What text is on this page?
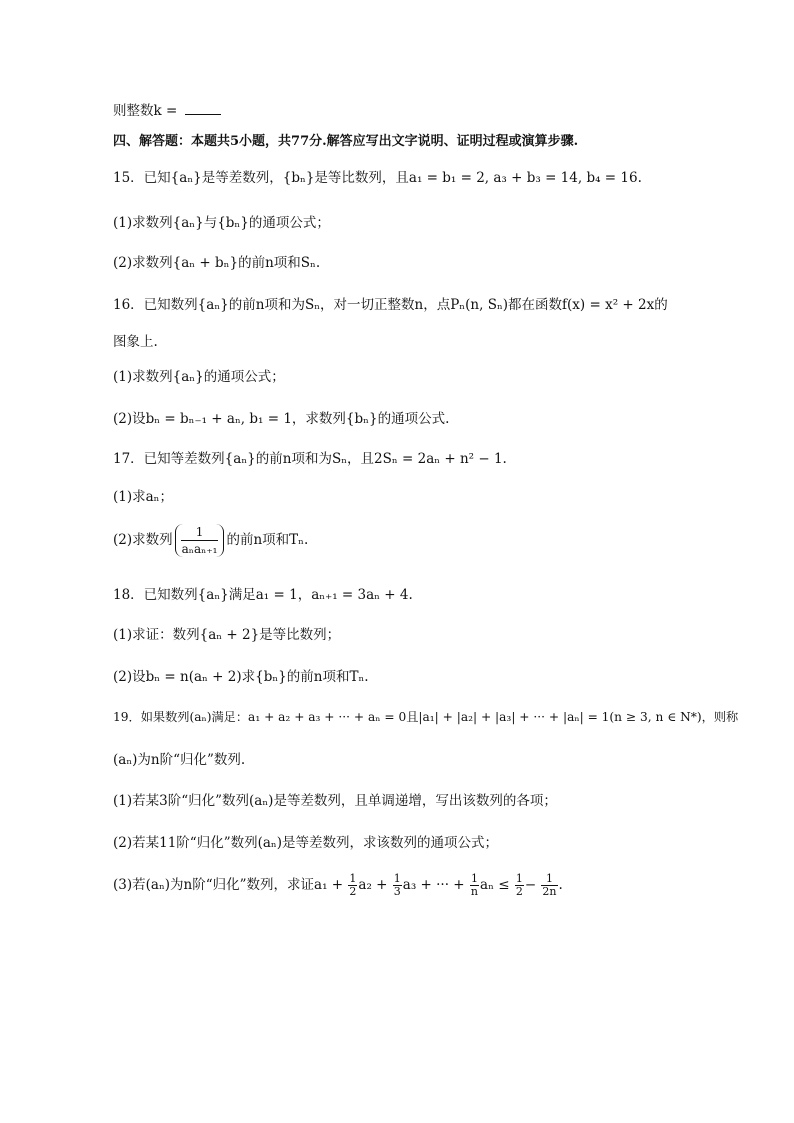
则整数k =
四、解答题：本题共5小题，共77分.解答应写出文字说明、证明过程或演算步骤.
15．已知{aₙ}是等差数列，{bₙ}是等比数列，且a₁ = b₁ = 2, a₃ + b₃ = 14, b₄ = 16.
(1)求数列{aₙ}与{bₙ}的通项公式；
(2)求数列{aₙ + bₙ}的前n项和Sₙ.
16．已知数列{aₙ}的前n项和为Sₙ，对一切正整数n，点Pₙ(n, Sₙ)都在函数f(x) = x² + 2x的
图象上.
(1)求数列{aₙ}的通项公式；
(2)设bₙ = bₙ₋₁ + aₙ, b₁ = 1，求数列{bₙ}的通项公式.
17．已知等差数列{aₙ}的前n项和为Sₙ，且2Sₙ = 2aₙ + n² − 1.
(1)求aₙ；
(2)求数列 $\frac{1}{\text{aₙaₙ₊₁}}$ 的前n项和Tₙ.
18．已知数列{aₙ}满足a₁ = 1，aₙ₊₁ = 3aₙ + 4.
(1)求证：数列{aₙ + 2}是等比数列；
(2)设bₙ = n(aₙ + 2)求{bₙ}的前n项和Tₙ.
19．如果数列(aₙ)满足：a₁ + a₂ + a₃ + ··· + aₙ = 0且|a₁| + |a₂| + |a₃| + ··· + |aₙ| = 1(n ≥ 3, n ∈ N*)，则称
(aₙ)为n阶“归化”数列.
(1)若某3阶“归化”数列(aₙ)是等差数列，且单调递增，写出该数列的各项；
(2)若某11阶“归化”数列(aₙ)是等差数列，求该数列的通项公式；
(3)若(aₙ)为n阶“归化”数列，求证$a_1 + \frac{1}{2} a_2 + \frac{1}{3} a_3$ + ··· + $\frac{1}{n}$ $a_n \le \frac{1}{2} - \frac{1}{2n}$ .
